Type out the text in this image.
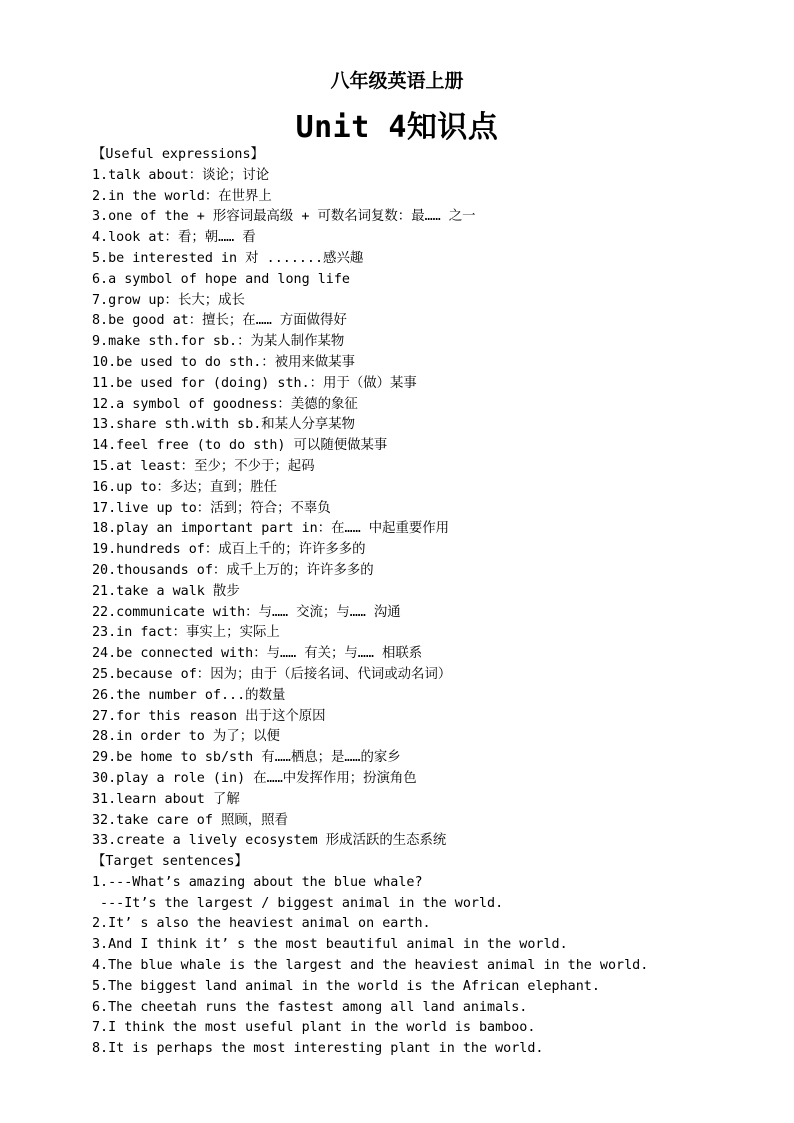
八年级英语上册
Unit 4知识点
【Useful expressions】
1.talk about：谈论；讨论
2.in the world：在世界上
3.one of the + 形容词最高级 + 可数名词复数：最…… 之一
4.look at：看；朝…… 看
5.be interested in 对 .......感兴趣
6.a symbol of hope and long life
7.grow up：长大；成长
8.be good at：擅长；在…… 方面做得好
9.make sth.for sb.：为某人制作某物
10.be used to do sth.：被用来做某事
11.be used for (doing) sth.：用于（做）某事
12.a symbol of goodness：美德的象征
13.share sth.with sb.和某人分享某物
14.feel free (to do sth) 可以随便做某事
15.at least：至少；不少于；起码
16.up to：多达；直到；胜任
17.live up to：活到；符合；不辜负
18.play an important part in：在…… 中起重要作用
19.hundreds of：成百上千的；许许多多的
20.thousands of：成千上万的；许许多多的
21.take a walk 散步
22.communicate with：与…… 交流；与…… 沟通
23.in fact：事实上；实际上
24.be connected with：与…… 有关；与…… 相联系
25.because of：因为；由于（后接名词、代词或动名词）
26.the number of...的数量
27.for this reason 出于这个原因
28.in order to 为了；以便
29.be home to sb/sth 有……栖息；是……的家乡
30.play a role (in) 在……中发挥作用；扮演角色
31.learn about 了解
32.take care of 照顾，照看
33.create a lively ecosystem 形成活跃的生态系统
【Target sentences】
1.---What’s amazing about the blue whale?
---It’s the largest / biggest animal in the world.
2.It’ s also the heaviest animal on earth.
3.And I think it’ s the most beautiful animal in the world.
4.The blue whale is the largest and the heaviest animal in the world.
5.The biggest land animal in the world is the African elephant.
6.The cheetah runs the fastest among all land animals.
7.I think the most useful plant in the world is bamboo.
8.It is perhaps the most interesting plant in the world.
